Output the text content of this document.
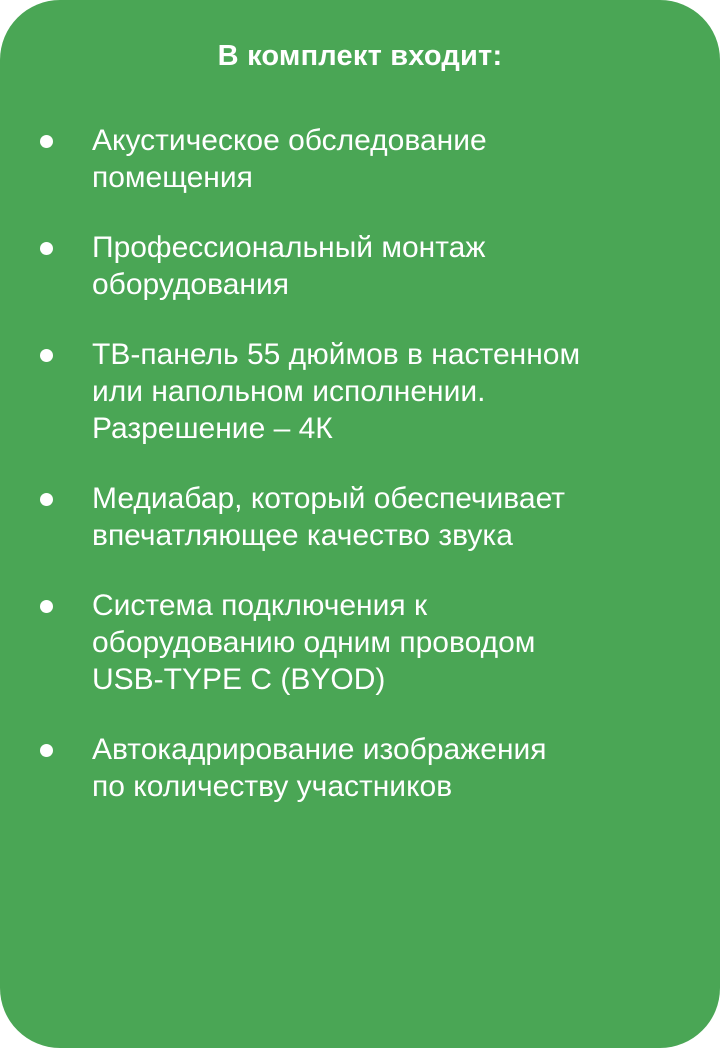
В комплект входит:
Акустическое обследование
помещения
Профессиональный монтаж
оборудования
ТВ-панель 55 дюймов в настенном
или напольном исполнении.
Разрешение – 4К
Медиабар, который обеспечивает
впечатляющее качество звука
Система подключения к
оборудованию одним проводом
USB-TYPE C (BYOD)
Автокадрирование изображения
по количеству участников
